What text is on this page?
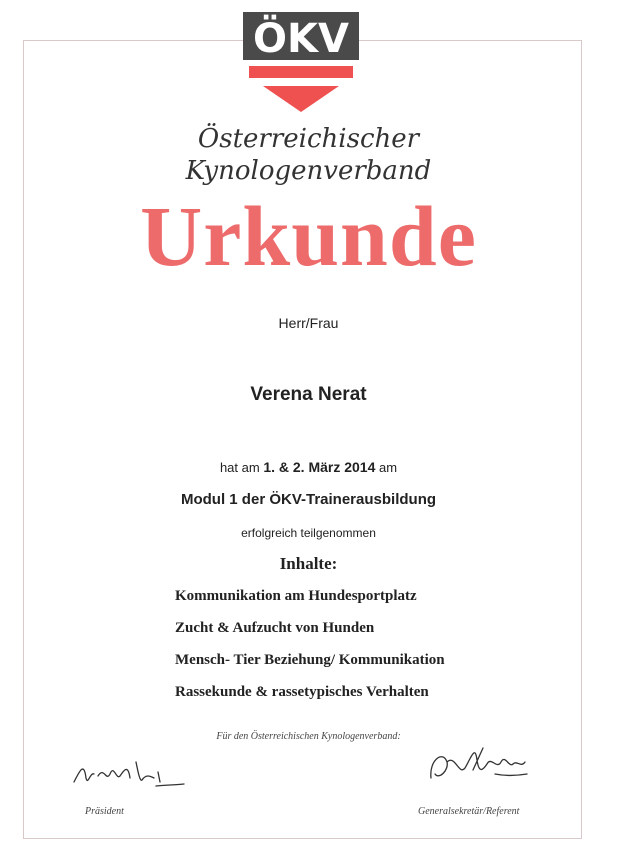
ÖKV
Österreichischer
Kynologenverband
Urkunde
Herr/Frau
Verena Nerat
hat am 1. & 2. März 2014 am
Modul 1 der ÖKV-Trainerausbildung
erfolgreich teilgenommen
Inhalte:
Kommunikation am Hundesportplatz
Zucht & Aufzucht von Hunden
Mensch- Tier Beziehung/ Kommunikation
Rassekunde & rassetypisches Verhalten
Für den Österreichischen Kynologenverband:
Präsident	Generalsekretär/Referent
